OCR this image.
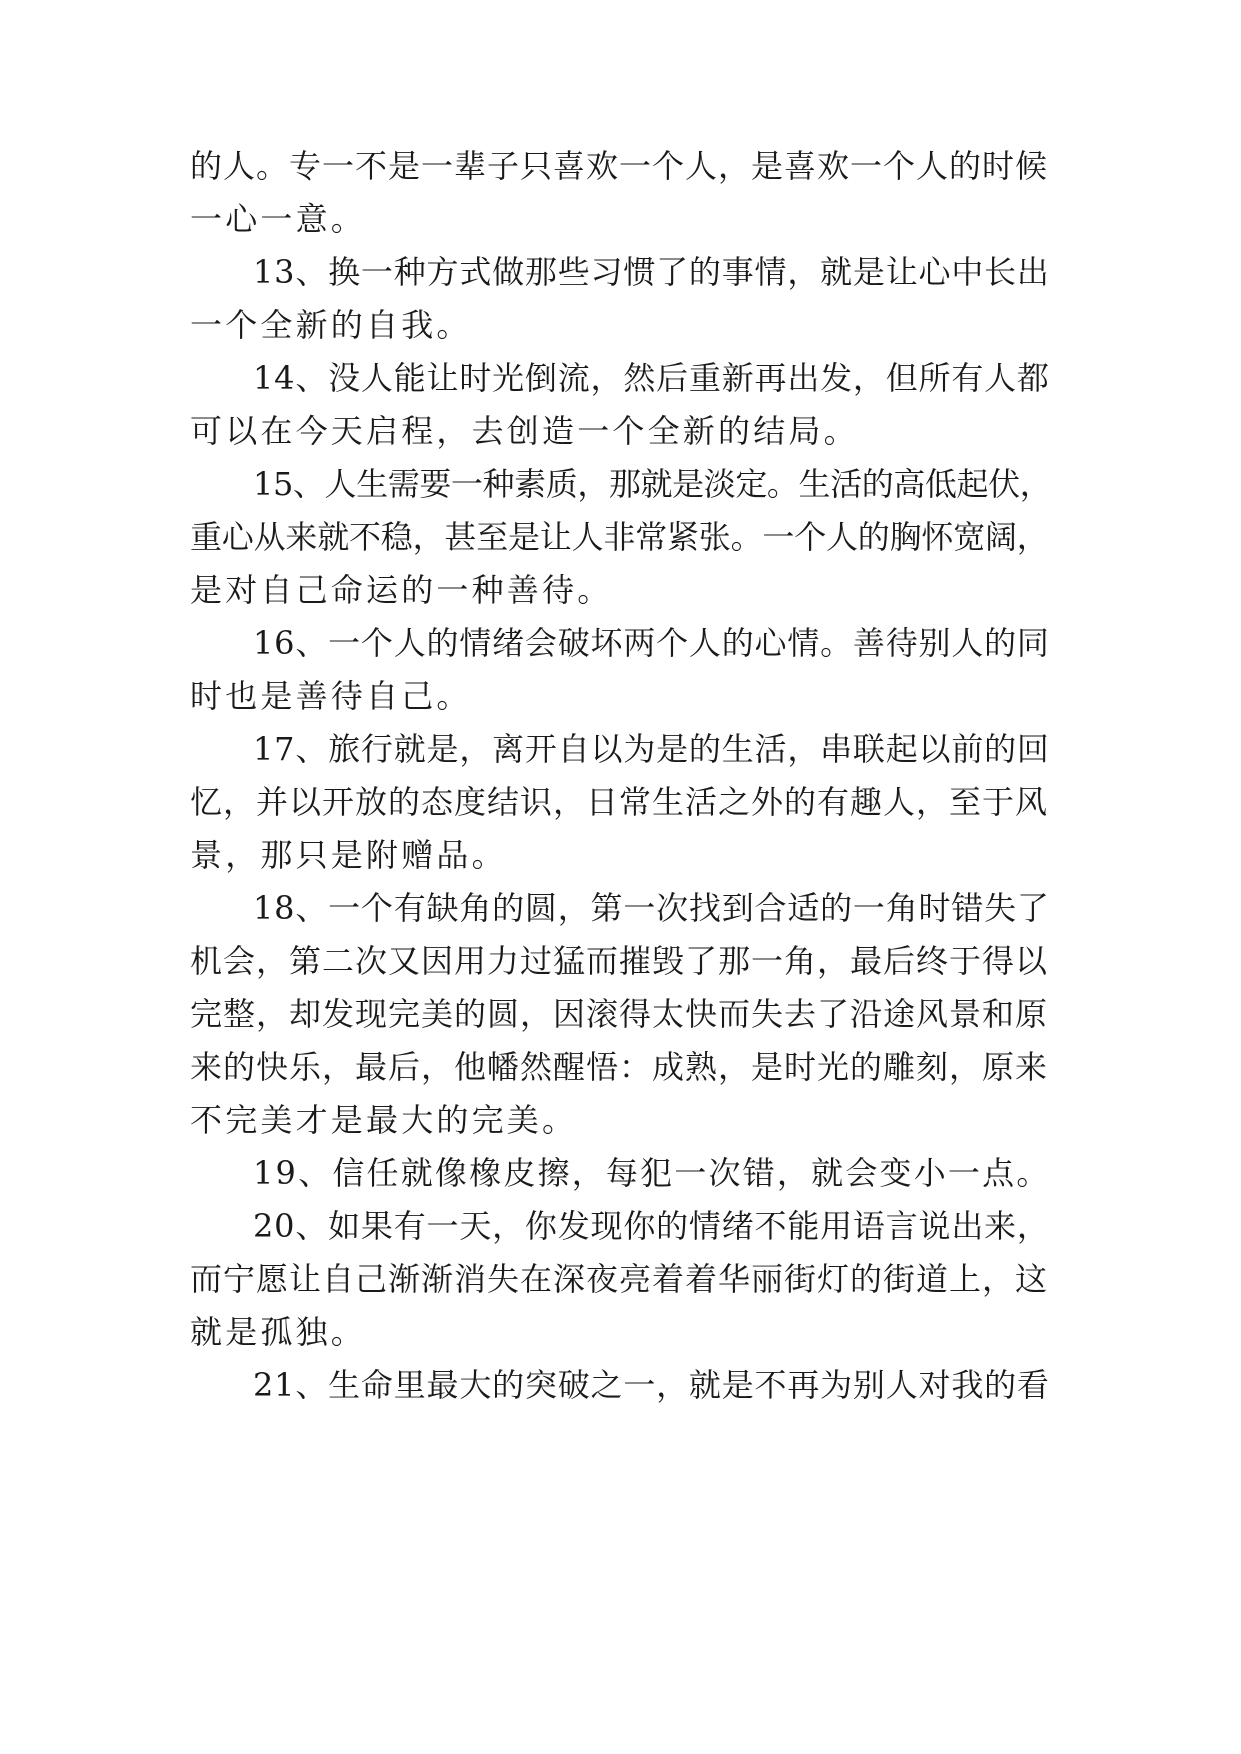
的人。专一不是一辈子只喜欢一个人，是喜欢一个人的时候
一心一意。
13、换一种方式做那些习惯了的事情，就是让心中长出
一个全新的自我。
14、没人能让时光倒流，然后重新再出发，但所有人都
可以在今天启程，去创造一个全新的结局。
15、人生需要一种素质，那就是淡定。生活的高低起伏，
重心从来就不稳，甚至是让人非常紧张。一个人的胸怀宽阔，
是对自己命运的一种善待。
16、一个人的情绪会破坏两个人的心情。善待别人的同
时也是善待自己。
17、旅行就是，离开自以为是的生活，串联起以前的回
忆，并以开放的态度结识，日常生活之外的有趣人，至于风
景，那只是附赠品。
18、一个有缺角的圆，第一次找到合适的一角时错失了
机会，第二次又因用力过猛而摧毁了那一角，最后终于得以
完整，却发现完美的圆，因滚得太快而失去了沿途风景和原
来的快乐，最后，他幡然醒悟：成熟，是时光的雕刻，原来
不完美才是最大的完美。
19、信任就像橡皮擦，每犯一次错，就会变小一点。
20、如果有一天，你发现你的情绪不能用语言说出来，
而宁愿让自己渐渐消失在深夜亮着着华丽街灯的街道上，这
就是孤独。
21、生命里最大的突破之一，就是不再为别人对我的看
